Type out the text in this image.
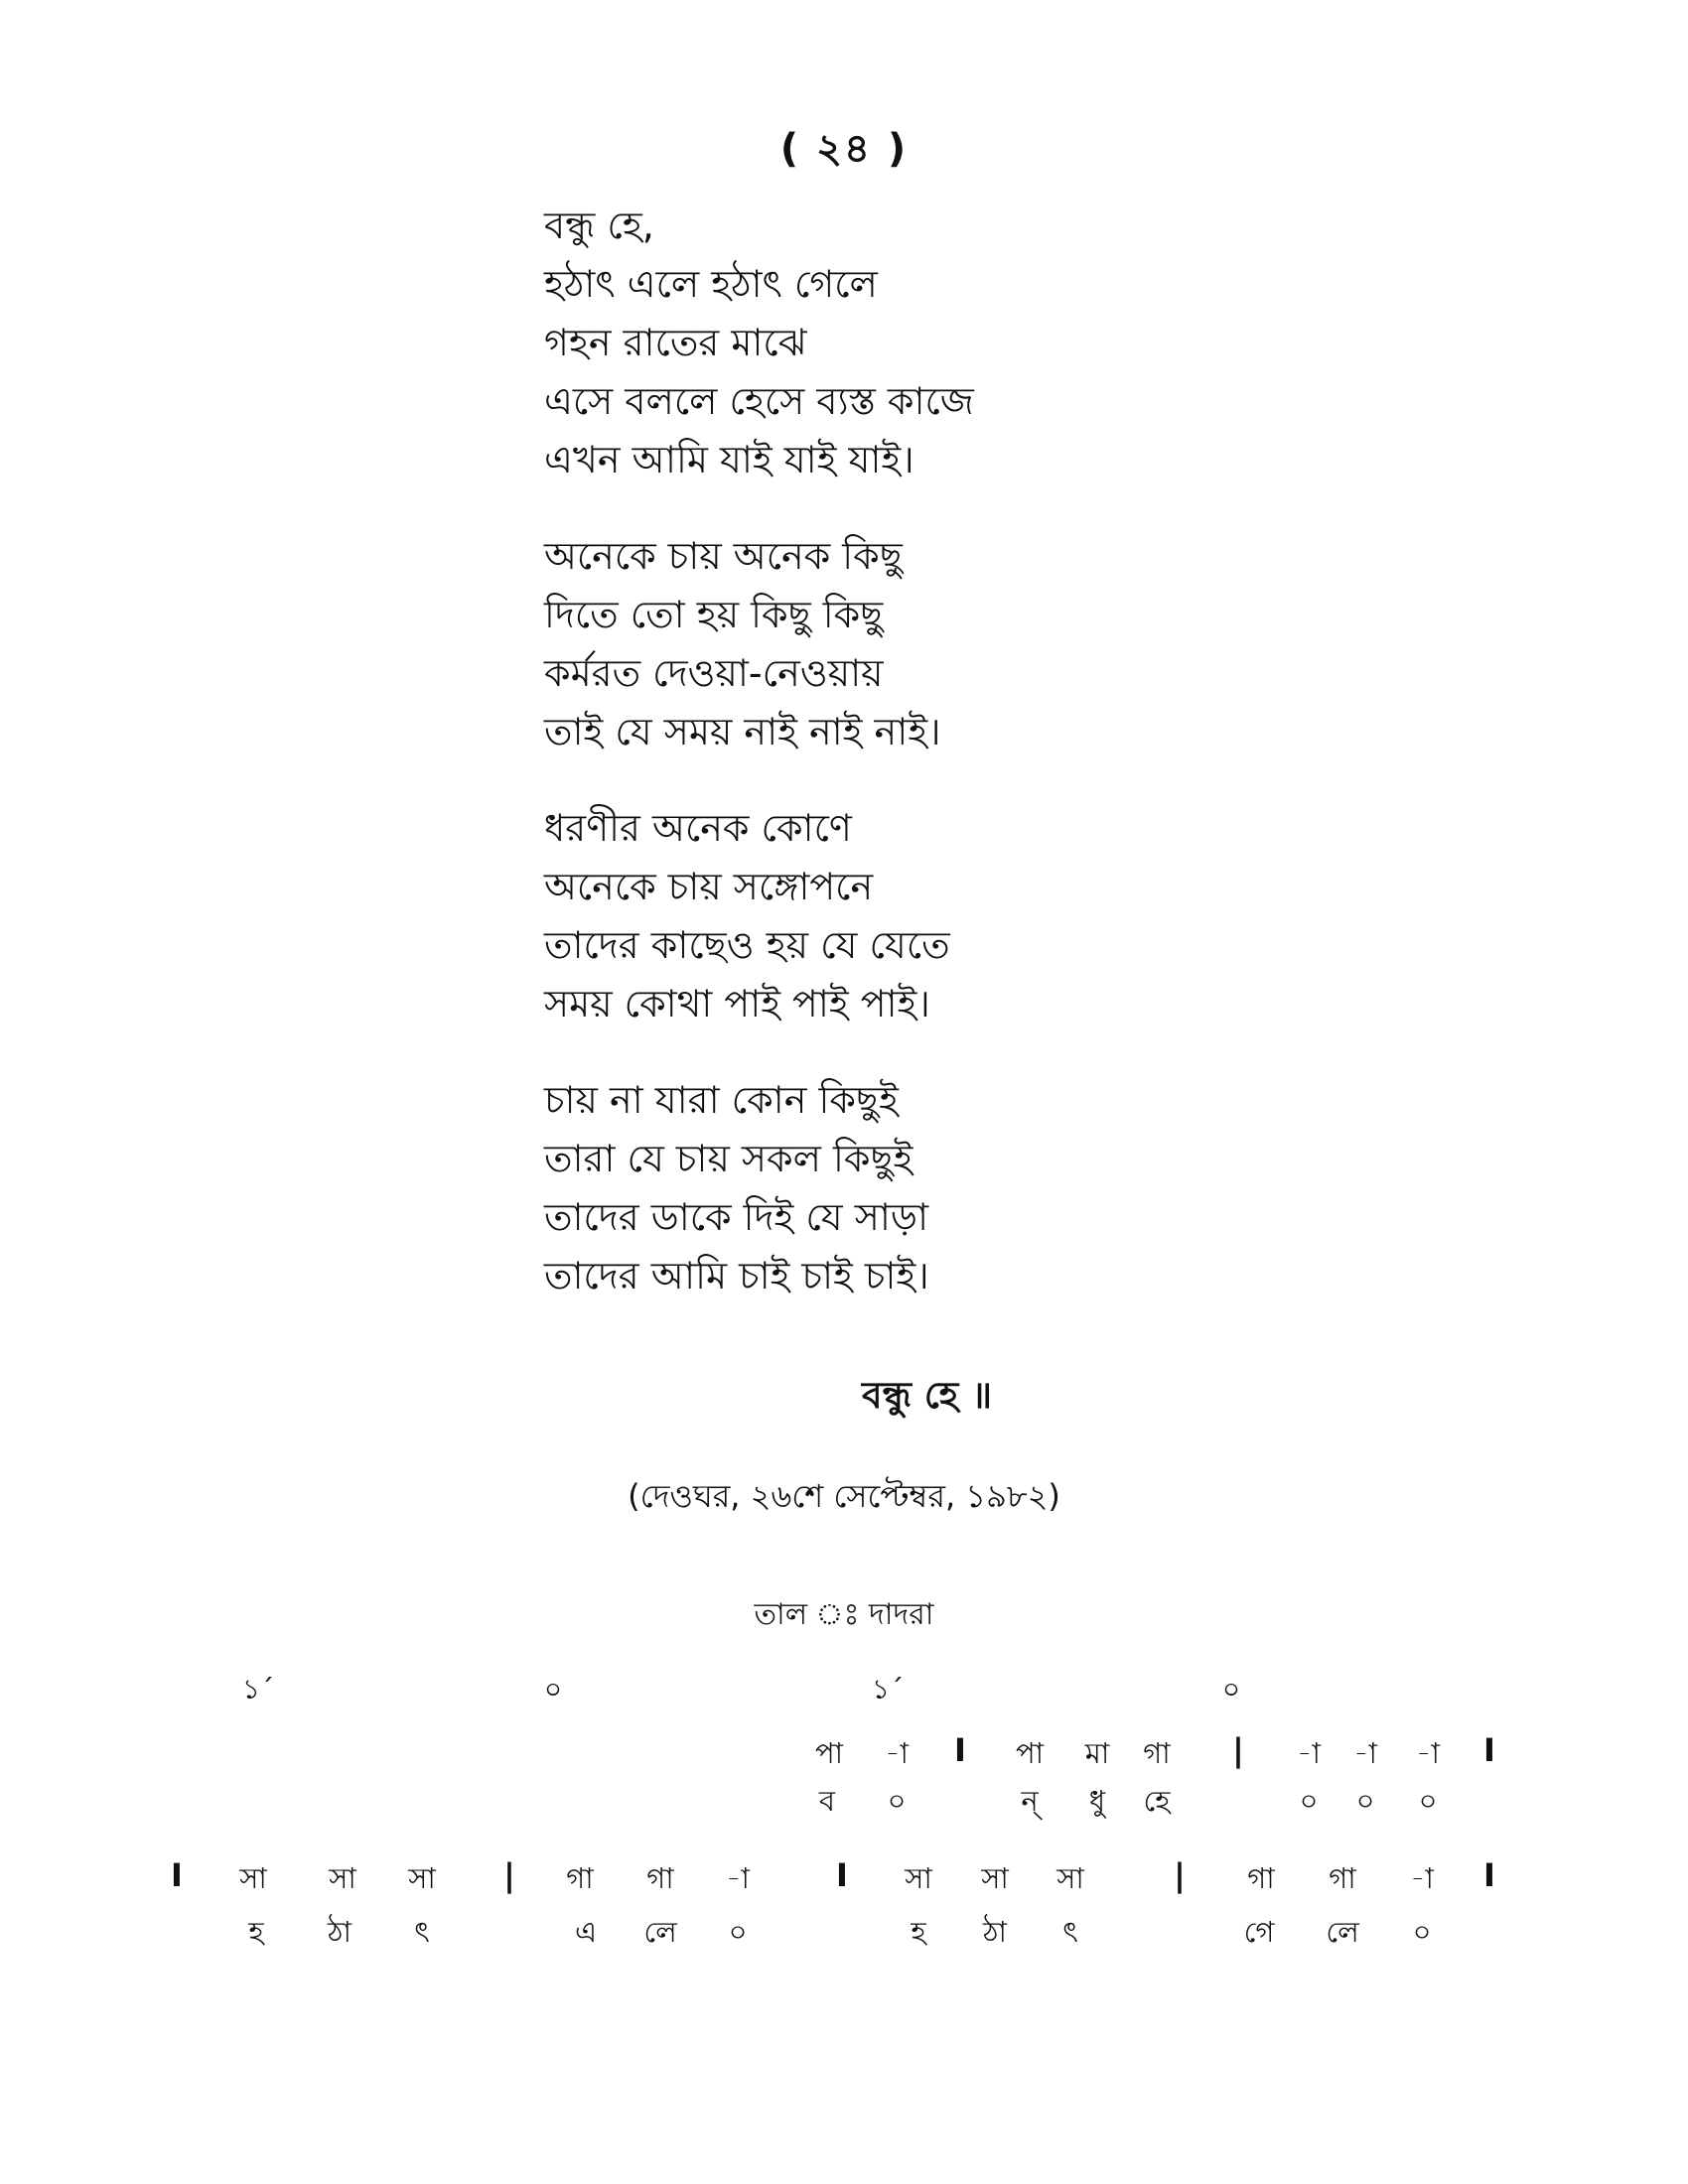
( ২৪ )
বন্ধু হে,
হঠাৎ এলে হঠাৎ গেলে
গহন রাতের মাঝে
এসে বললে হেসে ব্যস্ত কাজে
এখন আমি যাই যাই যাই।
অনেকে চায় অনেক কিছু
দিতে তো হয় কিছু কিছু
কর্মরত দেওয়া-নেওয়ায়
তাই যে সময় নাই নাই নাই।
ধরণীর অনেক কোণে
অনেকে চায় সঙ্গোপনে
তাদের কাছেও হয় যে যেতে
সময় কোথা পাই পাই পাই।
চায় না যারা কোন কিছুই
তারা যে চায় সকল কিছুই
তাদের ডাকে দিই যে সাড়া
তাদের আমি চাই চাই চাই।
বন্ধু হে ॥
(দেওঘর, ২৬শে সেপ্টেম্বর, ১৯৮২)
তাল ঃ দাদরা
১´	০	১´	০
পা -া I পা মা গা | -া -া -া I
ব ০	ন্ ধু হে	০ ০ ০
I সা সা সা | গা গা -া	I সা সা সা	| গা গা -া I
হ ঠা ৎ	এ লে ০	হ ঠা ৎ	গে লে ০
